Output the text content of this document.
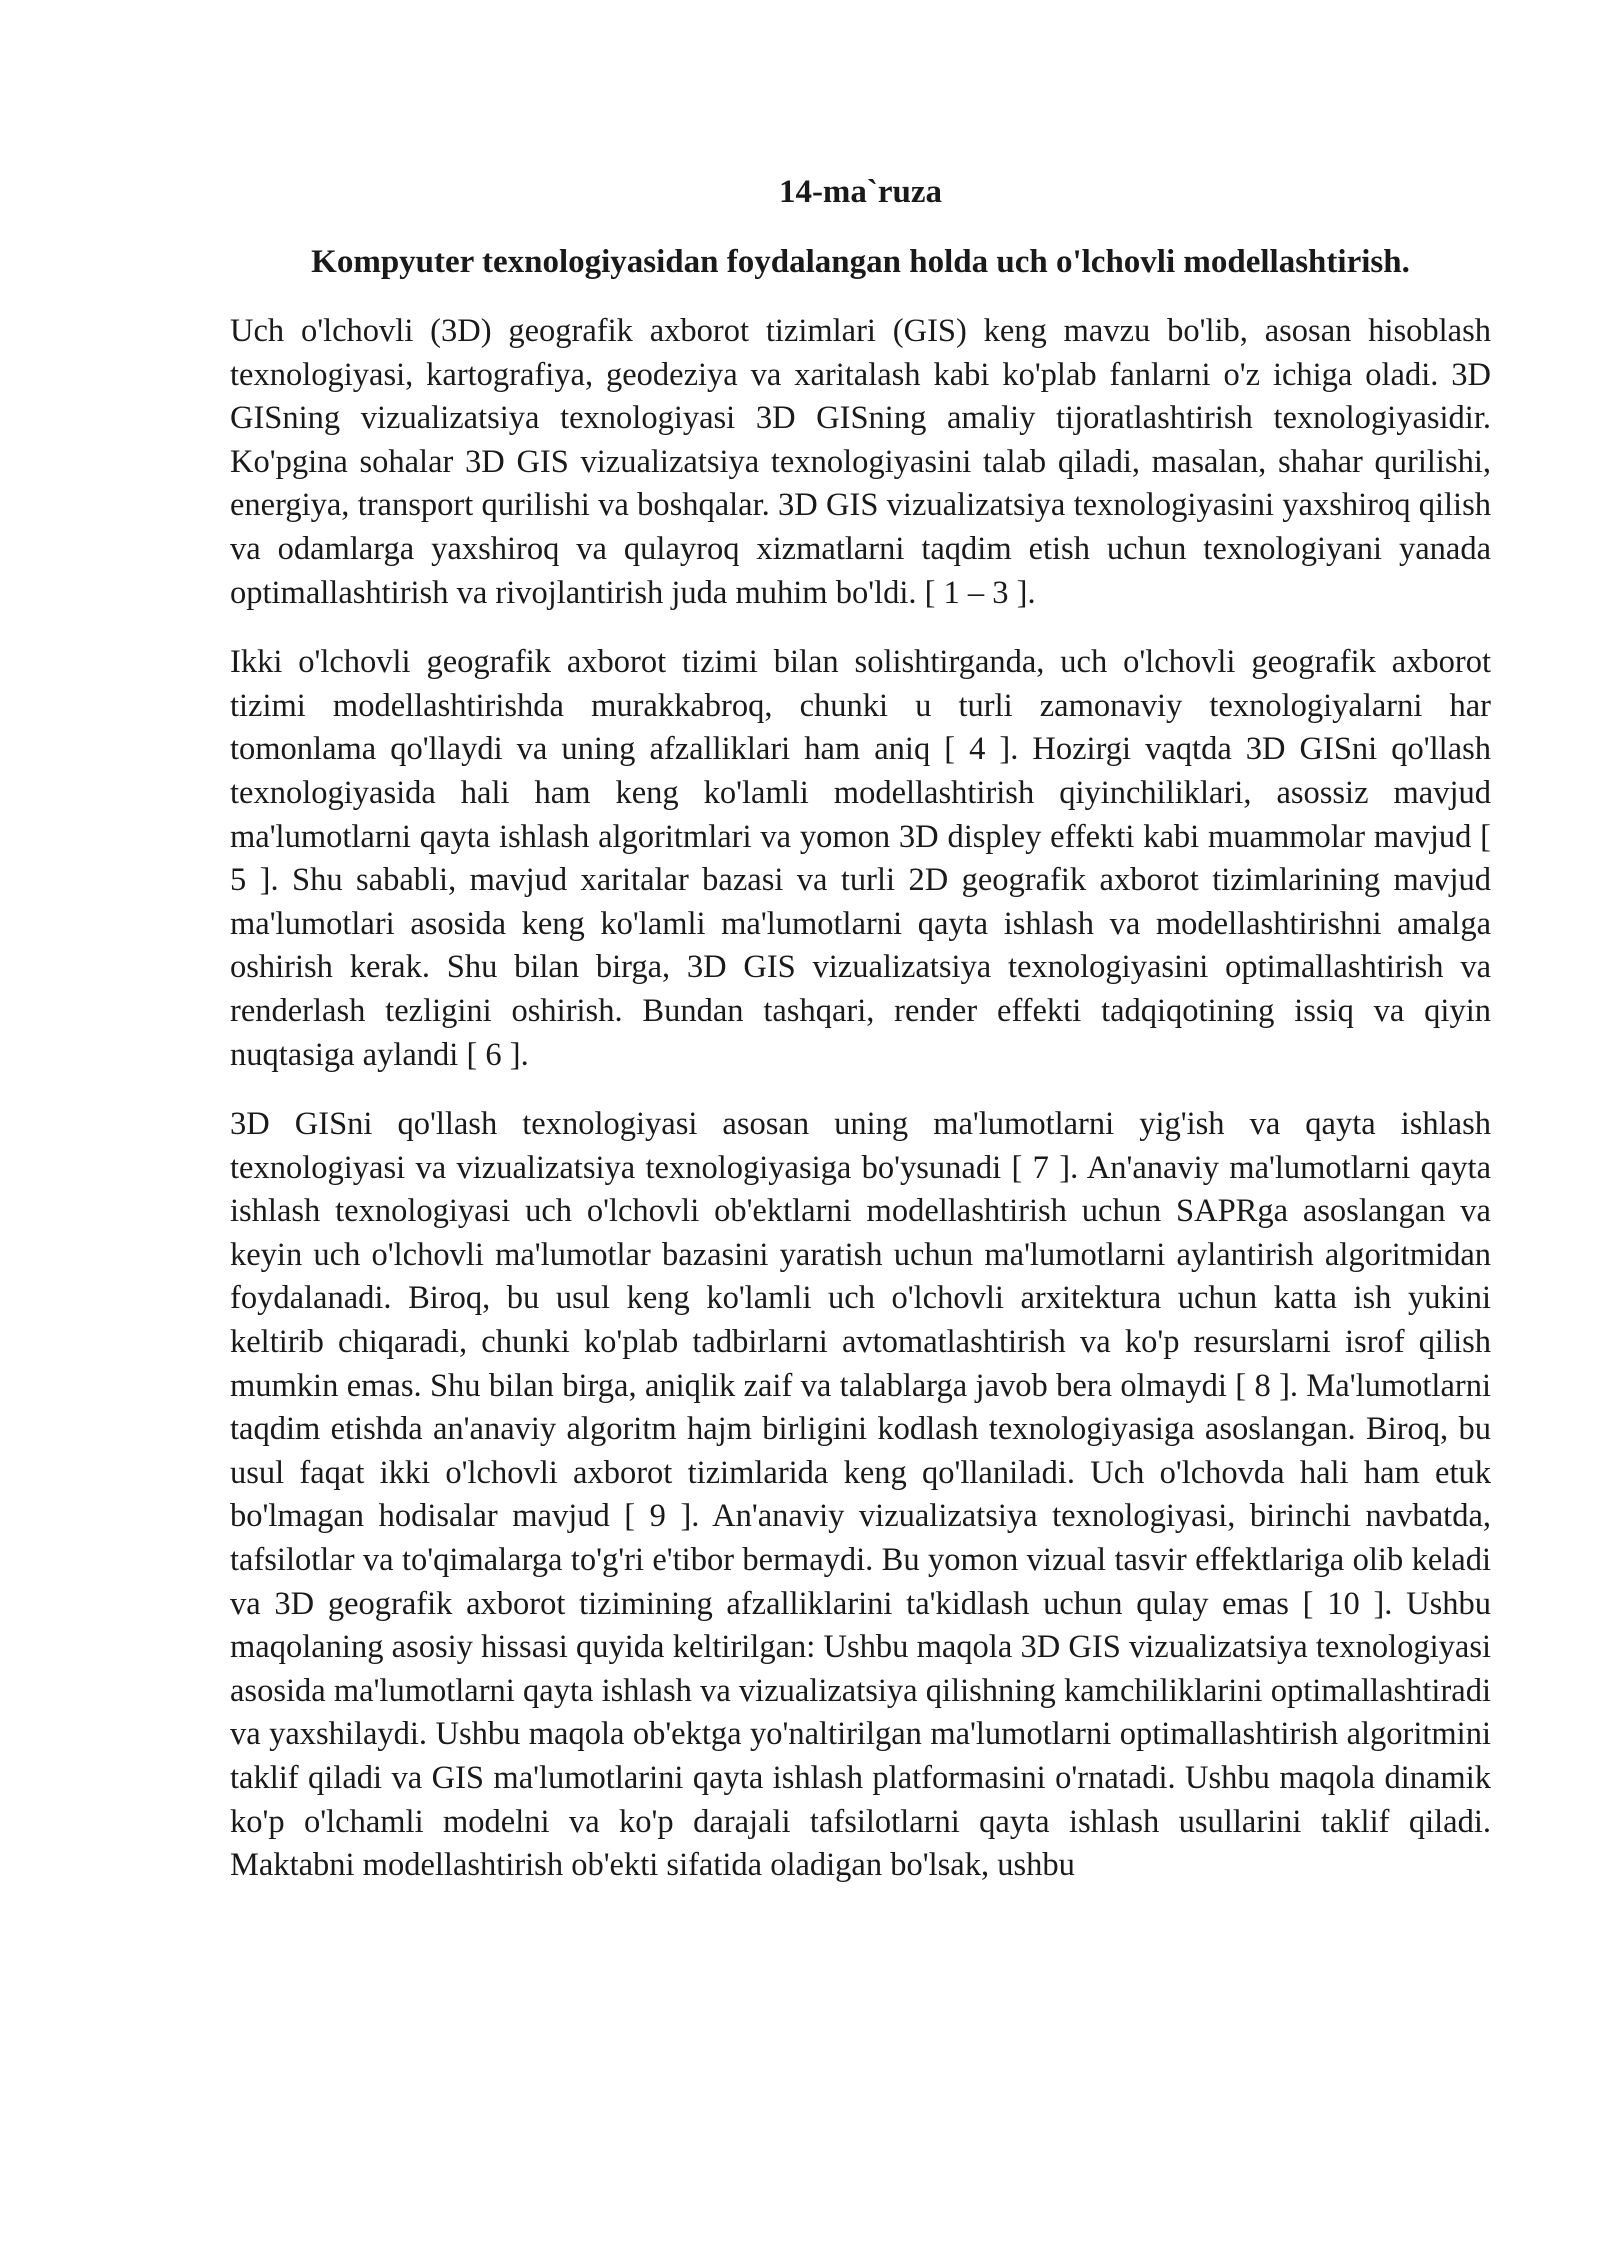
14-ma`ruza
Kompyuter texnologiyasidan foydalangan holda uch o'lchovli modellashtirish.

Uch o'lchovli (3D) geografik axborot tizimlari (GIS) keng mavzu bo'lib, asosan hisoblash texnologiyasi, kartografiya, geodeziya va xaritalash kabi ko'plab fanlarni o'z ichiga oladi. 3D GISning vizualizatsiya texnologiyasi 3D GISning amaliy tijoratlashtirish texnologiyasidir. Ko'pgina sohalar 3D GIS vizualizatsiya texnologiyasini talab qiladi, masalan, shahar qurilishi, energiya, transport qurilishi va boshqalar. 3D GIS vizualizatsiya texnologiyasini yaxshiroq qilish va odamlarga yaxshiroq va qulayroq xizmatlarni taqdim etish uchun texnologiyani yanada optimallashtirish va rivojlantirish juda muhim bo'ldi. [ 1 – 3 ].

Ikki o'lchovli geografik axborot tizimi bilan solishtirganda, uch o'lchovli geografik axborot tizimi modellashtirishda murakkabroq, chunki u turli zamonaviy texnologiyalarni har tomonlama qo'llaydi va uning afzalliklari ham aniq [ 4 ]. Hozirgi vaqtda 3D GISni qo'llash texnologiyasida hali ham keng ko'lamli modellashtirish qiyinchiliklari, asossiz mavjud ma'lumotlarni qayta ishlash algoritmlari va yomon 3D displey effekti kabi muammolar mavjud [ 5 ]. Shu sababli, mavjud xaritalar bazasi va turli 2D geografik axborot tizimlarining mavjud ma'lumotlari asosida keng ko'lamli ma'lumotlarni qayta ishlash va modellashtirishni amalga oshirish kerak. Shu bilan birga, 3D GIS vizualizatsiya texnologiyasini optimallashtirish va renderlash tezligini oshirish. Bundan tashqari, render effekti tadqiqotining issiq va qiyin nuqtasiga aylandi [ 6 ].

3D GISni qo'llash texnologiyasi asosan uning ma'lumotlarni yig'ish va qayta ishlash texnologiyasi va vizualizatsiya texnologiyasiga bo'ysunadi [ 7 ]. An'anaviy ma'lumotlarni qayta ishlash texnologiyasi uch o'lchovli ob'ektlarni modellashtirish uchun SAPRga asoslangan va keyin uch o'lchovli ma'lumotlar bazasini yaratish uchun ma'lumotlarni aylantirish algoritmidan foydalanadi. Biroq, bu usul keng ko'lamli uch o'lchovli arxitektura uchun katta ish yukini keltirib chiqaradi, chunki ko'plab tadbirlarni avtomatlashtirish va ko'p resurslarni isrof qilish mumkin emas. Shu bilan birga, aniqlik zaif va talablarga javob bera olmaydi [ 8 ]. Ma'lumotlarni taqdim etishda an'anaviy algoritm hajm birligini kodlash texnologiyasiga asoslangan. Biroq, bu usul faqat ikki o'lchovli axborot tizimlarida keng qo'llaniladi. Uch o'lchovda hali ham etuk bo'lmagan hodisalar mavjud [ 9 ]. An'anaviy vizualizatsiya texnologiyasi, birinchi navbatda, tafsilotlar va to'qimalarga to'g'ri e'tibor bermaydi. Bu yomon vizual tasvir effektlariga olib keladi va 3D geografik axborot tizimining afzalliklarini ta'kidlash uchun qulay emas [ 10 ]. Ushbu maqolaning asosiy hissasi quyida keltirilgan: Ushbu maqola 3D GIS vizualizatsiya texnologiyasi asosida ma'lumotlarni qayta ishlash va vizualizatsiya qilishning kamchiliklarini optimallashtiradi va yaxshilaydi. Ushbu maqola ob'ektga yo'naltirilgan ma'lumotlarni optimallashtirish algoritmini taklif qiladi va GIS ma'lumotlarini qayta ishlash platformasini o'rnatadi. Ushbu maqola dinamik ko'p o'lchamli modelni va ko'p darajali tafsilotlarni qayta ishlash usullarini taklif qiladi. Maktabni modellashtirish ob'ekti sifatida oladigan bo'lsak, ushbu
